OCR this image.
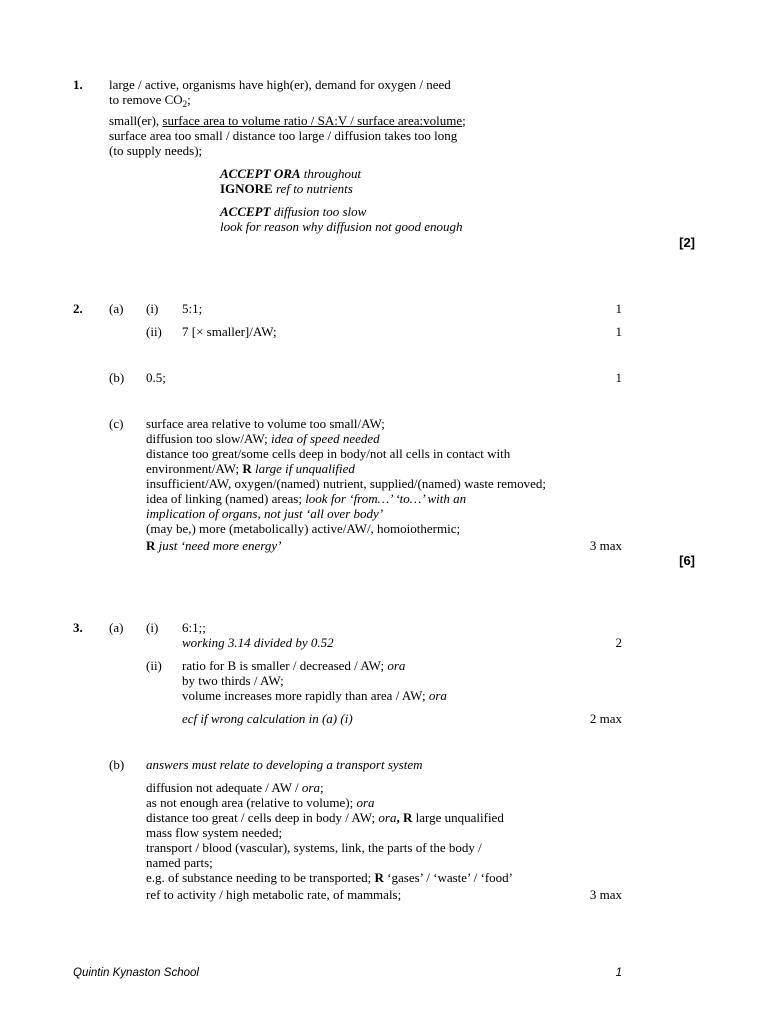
1. large / active, organisms have high(er), demand for oxygen / need
to remove $CO_2$;
small(er), surface area to volume ratio / SA:V / surface area:volume;
surface area too small / distance too large / diffusion takes too long
(to supply needs);
ACCEPT ORA throughout
IGNORE ref to nutrients
ACCEPT diffusion too slow
look for reason why diffusion not good enough
[2]
2. (a) (i) 5:1;	1
(ii) 7 [× smaller]/AW;	1
(b) 0.5;	1
(c) surface area relative to volume too small/AW;
diffusion too slow/AW; idea of speed needed
distance too great/some cells deep in body/not all cells in contact with
environment/AW; R large if unqualified
insufficient/AW, oxygen/(named) nutrient, supplied/(named) waste removed;
idea of linking (named) areas; look for ‘from…’ ‘to…’ with an
implication of organs, not just ‘all over body’
(may be,) more (metabolically) active/AW/, homoiothermic;
R just ‘need more energy’	3 max
[6]
3. (a) (i) 6:1;;
working 3.14 divided by 0.52	2
(ii) ratio for B is smaller / decreased / AW; ora
by two thirds / AW;
volume increases more rapidly than area / AW; ora
ecf if wrong calculation in (a) (i)	2 max
(b) answers must relate to developing a transport system
diffusion not adequate / AW / ora;
as not enough area (relative to volume); ora
distance too great / cells deep in body / AW; ora, R large unqualified
mass flow system needed;
transport / blood (vascular), systems, link, the parts of the body /
named parts;
e.g. of substance needing to be transported; R ‘gases’ / ‘waste’ / ‘food’
ref to activity / high metabolic rate, of mammals;	3 max
Quintin Kynaston School	1
